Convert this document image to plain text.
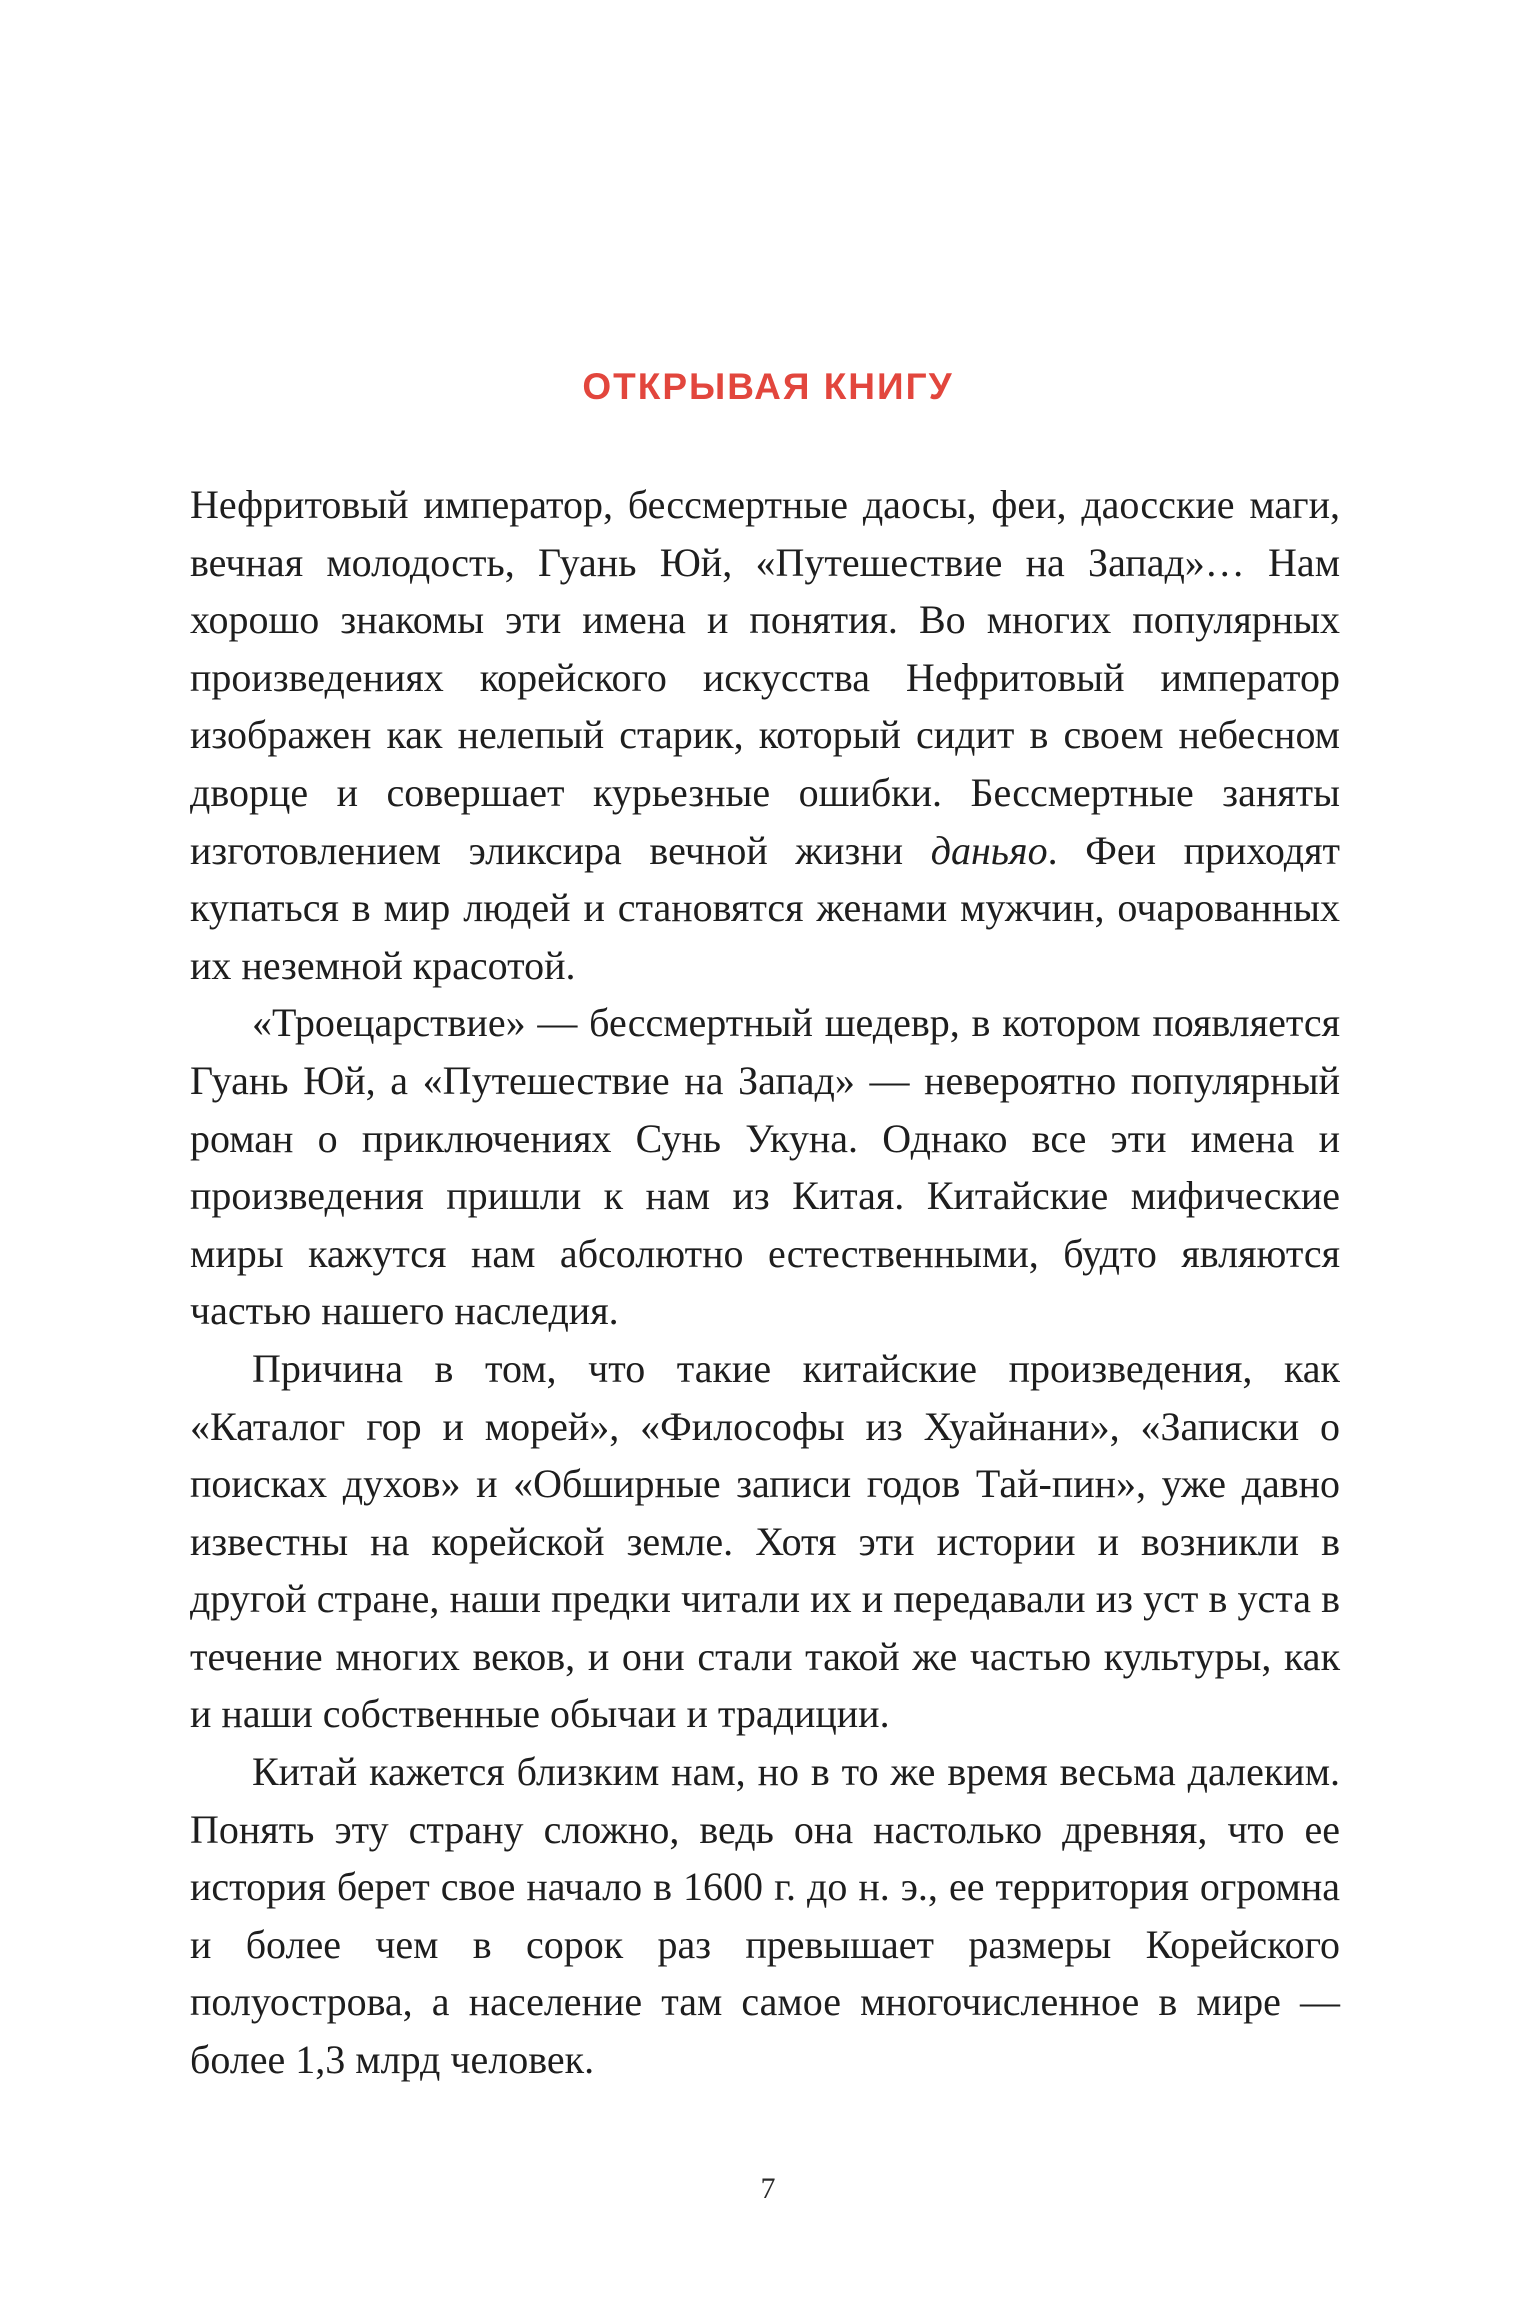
ОТКРЫВАЯ КНИГУ

Нефритовый император, бессмертные даосы, феи, даосские маги, вечная молодость, Гуань Юй, «Путешествие на Запад»… Нам хорошо знакомы эти имена и понятия. Во многих популярных произведениях корейского искусства Нефритовый император изображен как нелепый старик, который сидит в своем небесном дворце и совершает курьезные ошибки. Бессмертные заняты изготовлением эликсира вечной жизни даньяо. Феи приходят купаться в мир людей и становятся женами мужчин, очарованных их неземной красотой.

«Троецарствие» — бессмертный шедевр, в котором появляется Гуань Юй, а «Путешествие на Запад» — невероятно популярный роман о приключениях Сунь Укуна. Однако все эти имена и произведения пришли к нам из Китая. Китайские мифические миры кажутся нам абсолютно естественными, будто являются частью нашего наследия.

Причина в том, что такие китайские произведения, как «Каталог гор и морей», «Философы из Хуайнани», «Записки о поисках духов» и «Обширные записи годов Тай-пин», уже давно известны на корейской земле. Хотя эти истории и возникли в другой стране, наши предки читали их и передавали из уст в уста в течение многих веков, и они стали такой же частью культуры, как и наши собственные обычаи и традиции.

Китай кажется близким нам, но в то же время весьма далеким. Понять эту страну сложно, ведь она настолько древняя, что ее история берет свое начало в 1600 г. до н. э., ее территория огромна и более чем в сорок раз превышает размеры Корейского полуострова, а население там самое многочисленное в мире — более 1,3 млрд человек.

7
